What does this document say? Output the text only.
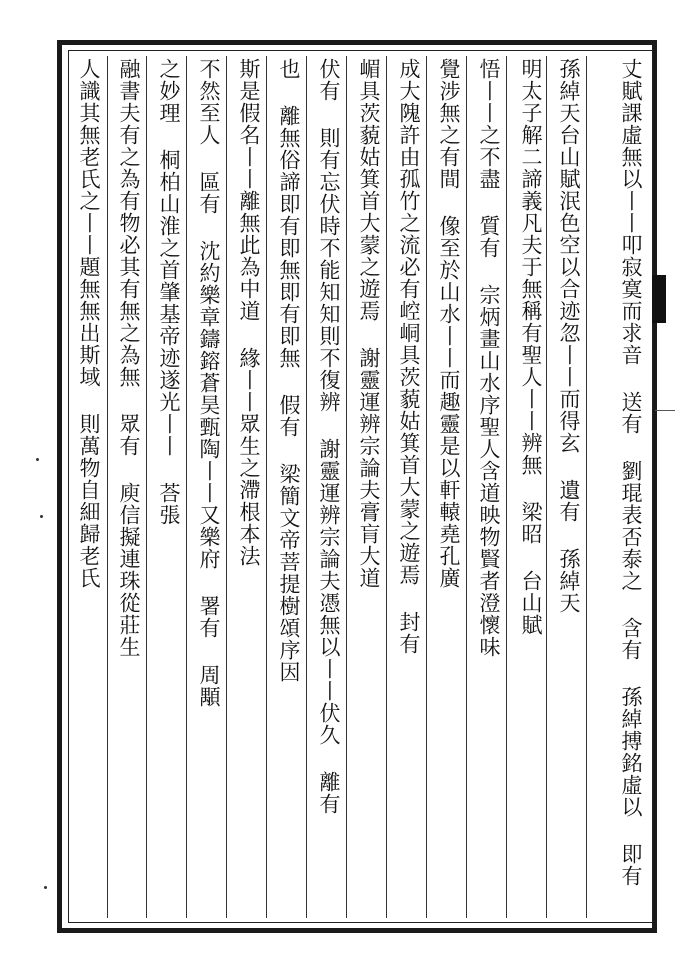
丈賦課虛無以丨丨叩寂寞而求音 送有 劉琨表否泰之 含有 孫綽搏銘虛以 即有
孫綽天台山賦泯色空以合迹忽丨丨而得玄 遺有 孫綽天
明太子解二諦義凡夫于無稱有聖人丨丨辨無 梁昭 台山賦
悟丨丨之不盡 質有 宗炳畫山水序聖人含道映物賢者澄懷味
覺涉無之有間 像至於山水丨丨而趣靈是以軒轅堯孔廣
成大隗許由孤竹之流必有崆峒具茨藐姑箕首大蒙之遊焉 封有
嵋具茨藐姑箕首大蒙之遊焉 謝靈運辨宗論夫膏肓大道
伏有 則有忘伏時不能知知則不復辨 謝靈運辨宗論夫憑無以丨丨伏久 離有
也 離無俗諦即有即無即有即無 假有 梁簡文帝菩提樹頌序因
斯是假名丨丨離無此為中道 緣丨丨眾生之滯根本法
不然至人 區有 沈約樂章鑄鎔蒼昊甄陶丨丨又樂府 署有 周顒
之妙理 桐柏山淮之首肇基帝迹遂光丨丨 荅張
融書夫有之為有物必其有無之為無 眾有 庾信擬連珠從莊生
人識其無老氏之丨丨題無無出斯域 則萬物自細歸老氏
